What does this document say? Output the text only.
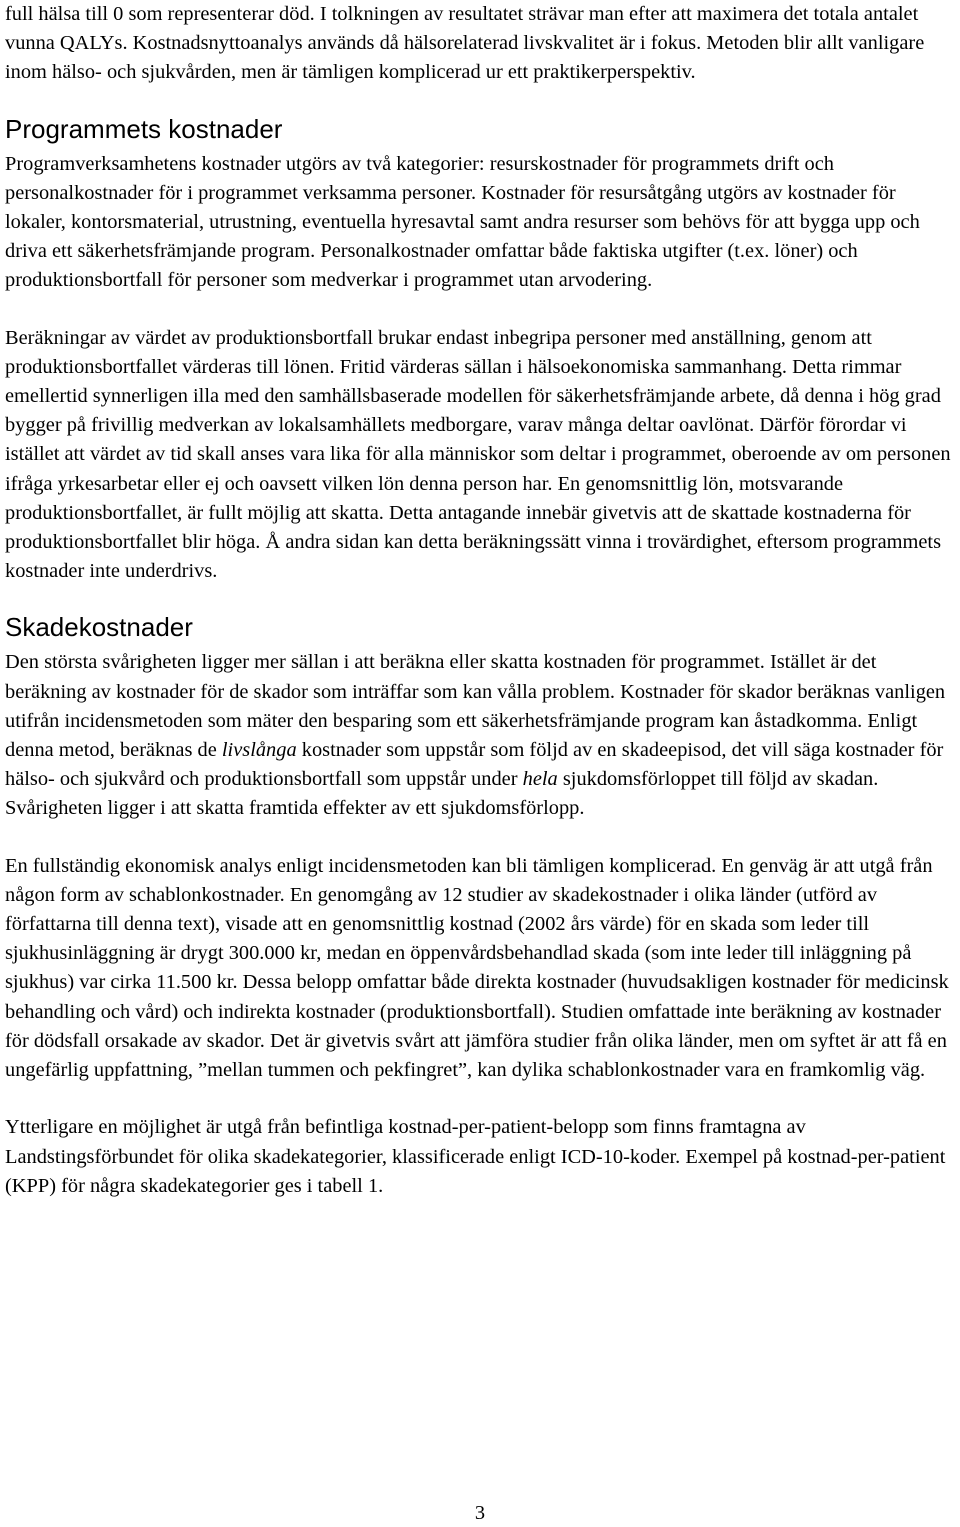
full hälsa till 0 som representerar död. I tolkningen av resultatet strävar man efter att maximera det totala antalet vunna QALYs. Kostnadsnyttoanalys används då hälsorelaterad livskvalitet är i fokus. Metoden blir allt vanligare inom hälso- och sjukvården, men är tämligen komplicerad ur ett praktikerperspektiv.

Programmets kostnader

Programverksamhetens kostnader utgörs av två kategorier: resurskostnader för programmets drift och personalkostnader för i programmet verksamma personer. Kostnader för resursåtgång utgörs av kostnader för lokaler, kontorsmaterial, utrustning, eventuella hyresavtal samt andra resurser som behövs för att bygga upp och driva ett säkerhetsfrämjande program. Personalkostnader omfattar både faktiska utgifter (t.ex. löner) och produktionsbortfall för personer som medverkar i programmet utan arvodering.

Beräkningar av värdet av produktionsbortfall brukar endast inbegripa personer med anställning, genom att produktionsbortfallet värderas till lönen. Fritid värderas sällan i hälsoekonomiska sammanhang. Detta rimmar emellertid synnerligen illa med den samhällsbaserade modellen för säkerhetsfrämjande arbete, då denna i hög grad bygger på frivillig medverkan av lokalsamhällets medborgare, varav många deltar oavlönat. Därför förordar vi istället att värdet av tid skall anses vara lika för alla människor som deltar i programmet, oberoende av om personen ifråga yrkesarbetar eller ej och oavsett vilken lön denna person har. En genomsnittlig lön, motsvarande produktionsbortfallet, är fullt möjlig att skatta. Detta antagande innebär givetvis att de skattade kostnaderna för produktionsbortfallet blir höga. Å andra sidan kan detta beräkningssätt vinna i trovärdighet, eftersom programmets kostnader inte underdrivs.

Skadekostnader

Den största svårigheten ligger mer sällan i att beräkna eller skatta kostnaden för programmet. Istället är det beräkning av kostnader för de skador som inträffar som kan vålla problem. Kostnader för skador beräknas vanligen utifrån incidensmetoden som mäter den besparing som ett säkerhetsfrämjande program kan åstadkomma. Enligt denna metod, beräknas de livslånga kostnader som uppstår som följd av en skadeepisod, det vill säga kostnader för hälso- och sjukvård och produktionsbortfall som uppstår under hela sjukdomsförloppet till följd av skadan. Svårigheten ligger i att skatta framtida effekter av ett sjukdomsförlopp.

En fullständig ekonomisk analys enligt incidensmetoden kan bli tämligen komplicerad. En genväg är att utgå från någon form av schablonkostnader. En genomgång av 12 studier av skadekostnader i olika länder (utförd av författarna till denna text), visade att en genomsnittlig kostnad (2002 års värde) för en skada som leder till sjukhusinläggning är drygt 300.000 kr, medan en öppenvårdsbehandlad skada (som inte leder till inläggning på sjukhus) var cirka 11.500 kr. Dessa belopp omfattar både direkta kostnader (huvudsakligen kostnader för medicinsk behandling och vård) och indirekta kostnader (produktionsbortfall). Studien omfattade inte beräkning av kostnader för dödsfall orsakade av skador. Det är givetvis svårt att jämföra studier från olika länder, men om syftet är att få en ungefärlig uppfattning, ”mellan tummen och pekfingret”, kan dylika schablonkostnader vara en framkomlig väg.

Ytterligare en möjlighet är utgå från befintliga kostnad-per-patient-belopp som finns framtagna av Landstingsförbundet för olika skadekategorier, klassificerade enligt ICD-10-koder. Exempel på kostnad-per-patient (KPP) för några skadekategorier ges i tabell 1.

3
